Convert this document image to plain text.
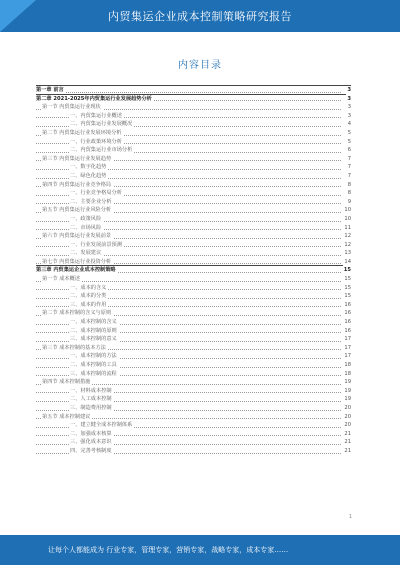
内贸集运企业成本控制策略研究报告
内容目录
第一章 前言	3
第二章 2021-2025年内贸集运行业发展趋势分析	3
第一节 内贸集运行业现状	3
一、内贸集运行业概述	3
二、内贸集运行业发展概况	4
第二节 内贸集运行业发展环境分析	5
一、行业政策环境分析	5
二、内贸集运行业市场分析	6
第三节 内贸集运行业发展趋势	7
一、数字化趋势	7
二、绿色化趋势	7
第四节 内贸集运行业竞争格局	8
一、行业竞争格局分析	8
二、主要企业分析	9
第五节 内贸集运行业风险分析	10
一、政策风险	10
二、市场风险	11
第六节 内贸集运行业发展前景	12
一、行业发展前景预测	12
二、发展建议	13
第七节 内贸集运行业投资分析	14
第三章 内贸集运企业成本控制策略	15
第一节 成本概述	15
一、成本的含义	15
二、成本的分类	15
三、成本的作用	16
第二节 成本控制的含义与原则	16
一、成本控制的含义	16
二、成本控制的原则	16
三、成本控制的意义	17
第三节 成本控制的基本方法	17
一、成本控制的方法	17
二、成本控制的工具	18
三、成本控制的流程	18
第四节 成本控制措施	19
一、材料成本控制	19
二、人工成本控制	19
三、制造费用控制	20
第五节 成本控制建议	20
一、建立健全成本控制体系	20
二、加强成本核算	21
三、强化成本意识	21
四、完善考核制度	21
1
让每个人都能成为 行业专家，管理专家，营销专家，战略专家，成本专家……
